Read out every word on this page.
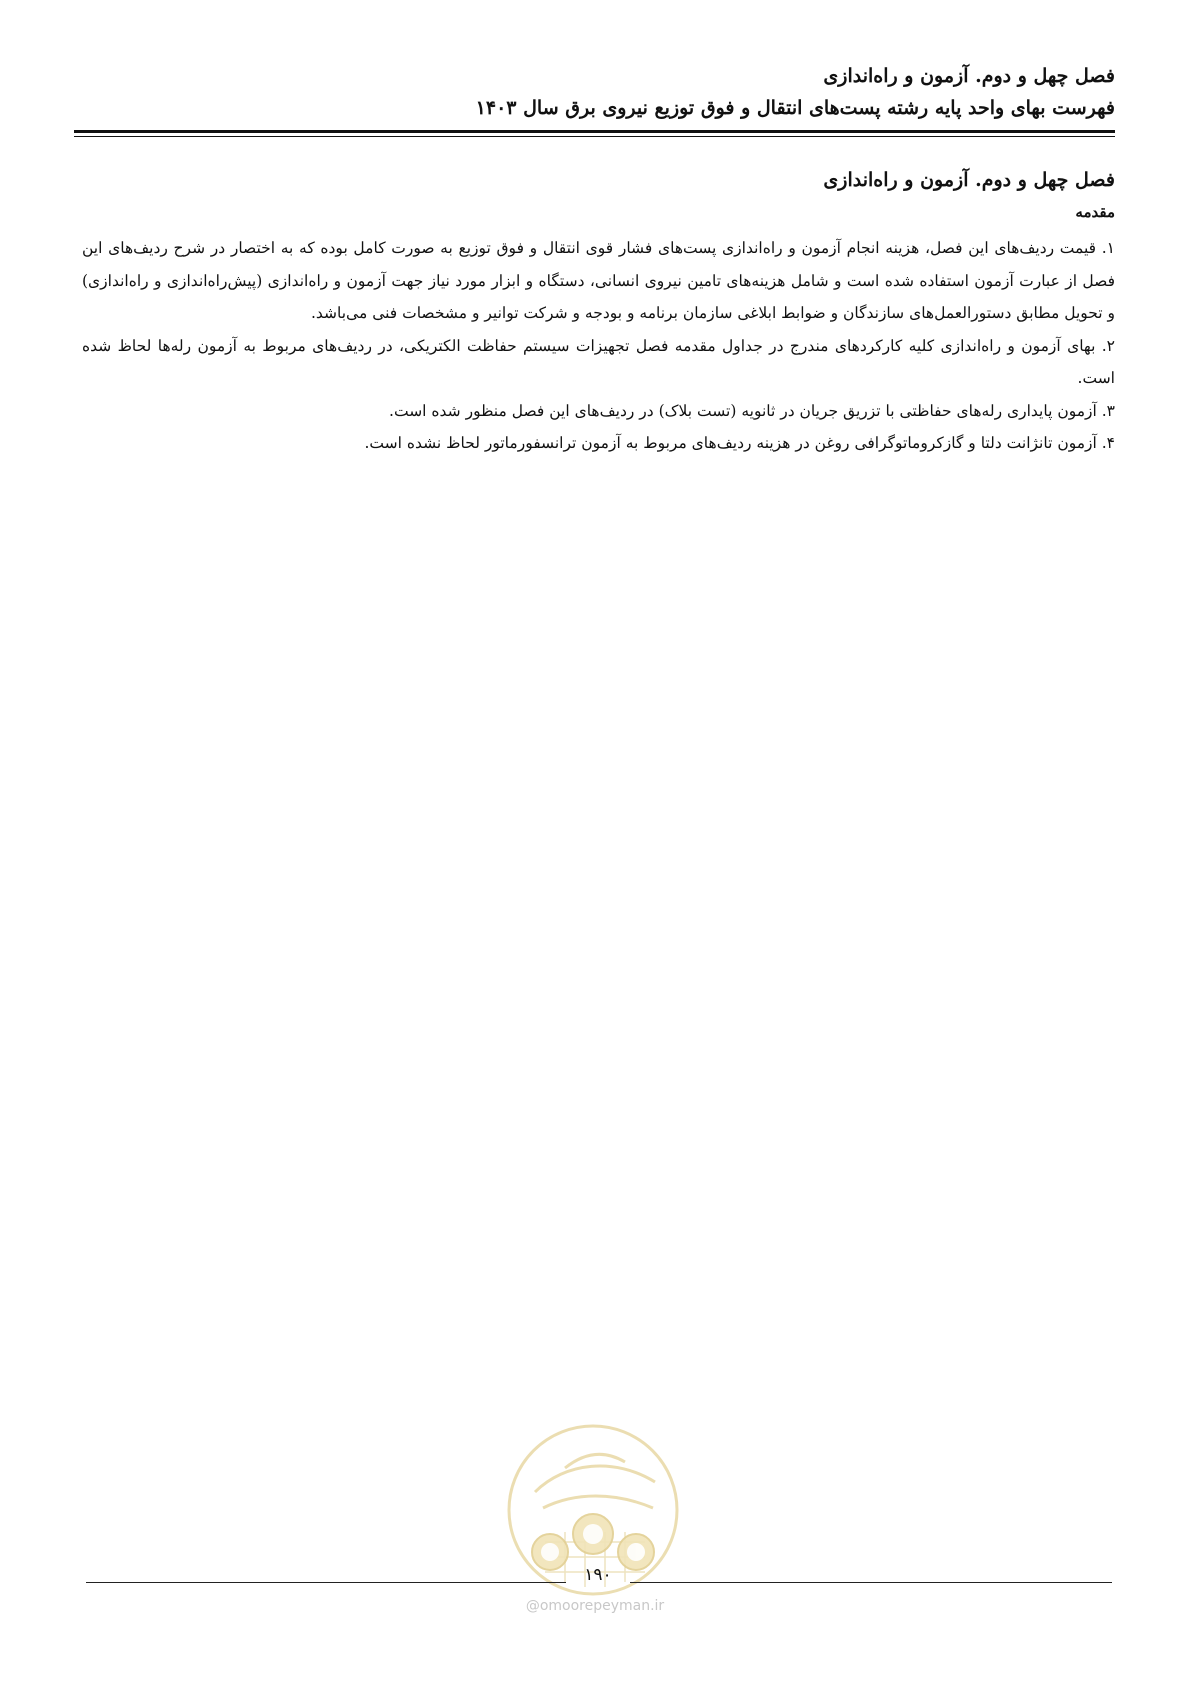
فصل چهل و دوم. آزمون و راه‌اندازی
فهرست بهای واحد پایه رشته پست‌های انتقال و فوق توزیع نیروی برق سال ۱۴۰۳
فصل چهل و دوم. آزمون و راه‌اندازی
مقدمه

۱. قیمت ردیف‌های این فصل، هزینه انجام آزمون و راه‌اندازی پست‌های فشار قوی انتقال و فوق توزیع به صورت کامل بوده که به اختصار در شرح ردیف‌های این فصل از عبارت آزمون استفاده شده است و شامل هزینه‌های تامین نیروی انسانی، دستگاه و ابزار مورد نیاز جهت آزمون و راه‌اندازی (پیش‌راه‌اندازی و راه‌اندازی) و تحویل مطابق دستورالعمل‌های سازندگان و ضوابط ابلاغی سازمان برنامه و بودجه و شرکت توانیر و مشخصات فنی می‌باشد.

۲. بهای آزمون و راه‌اندازی کلیه کارکردهای مندرج در جداول مقدمه فصل تجهیزات سیستم حفاظت الکتریکی، در ردیف‌های مربوط به آزمون رله‌ها لحاظ شده است.

۳. آزمون پایداری رله‌های حفاظتی با تزریق جریان در ثانویه (تست بلاک) در ردیف‌های این فصل منظور شده است.

۴. آزمون تانژانت دلتا و گازکروماتوگرافی روغن در هزینه ردیف‌های مربوط به آزمون ترانسفورماتور لحاظ نشده است.

۱۹۰
@omoorepeyman.ir
